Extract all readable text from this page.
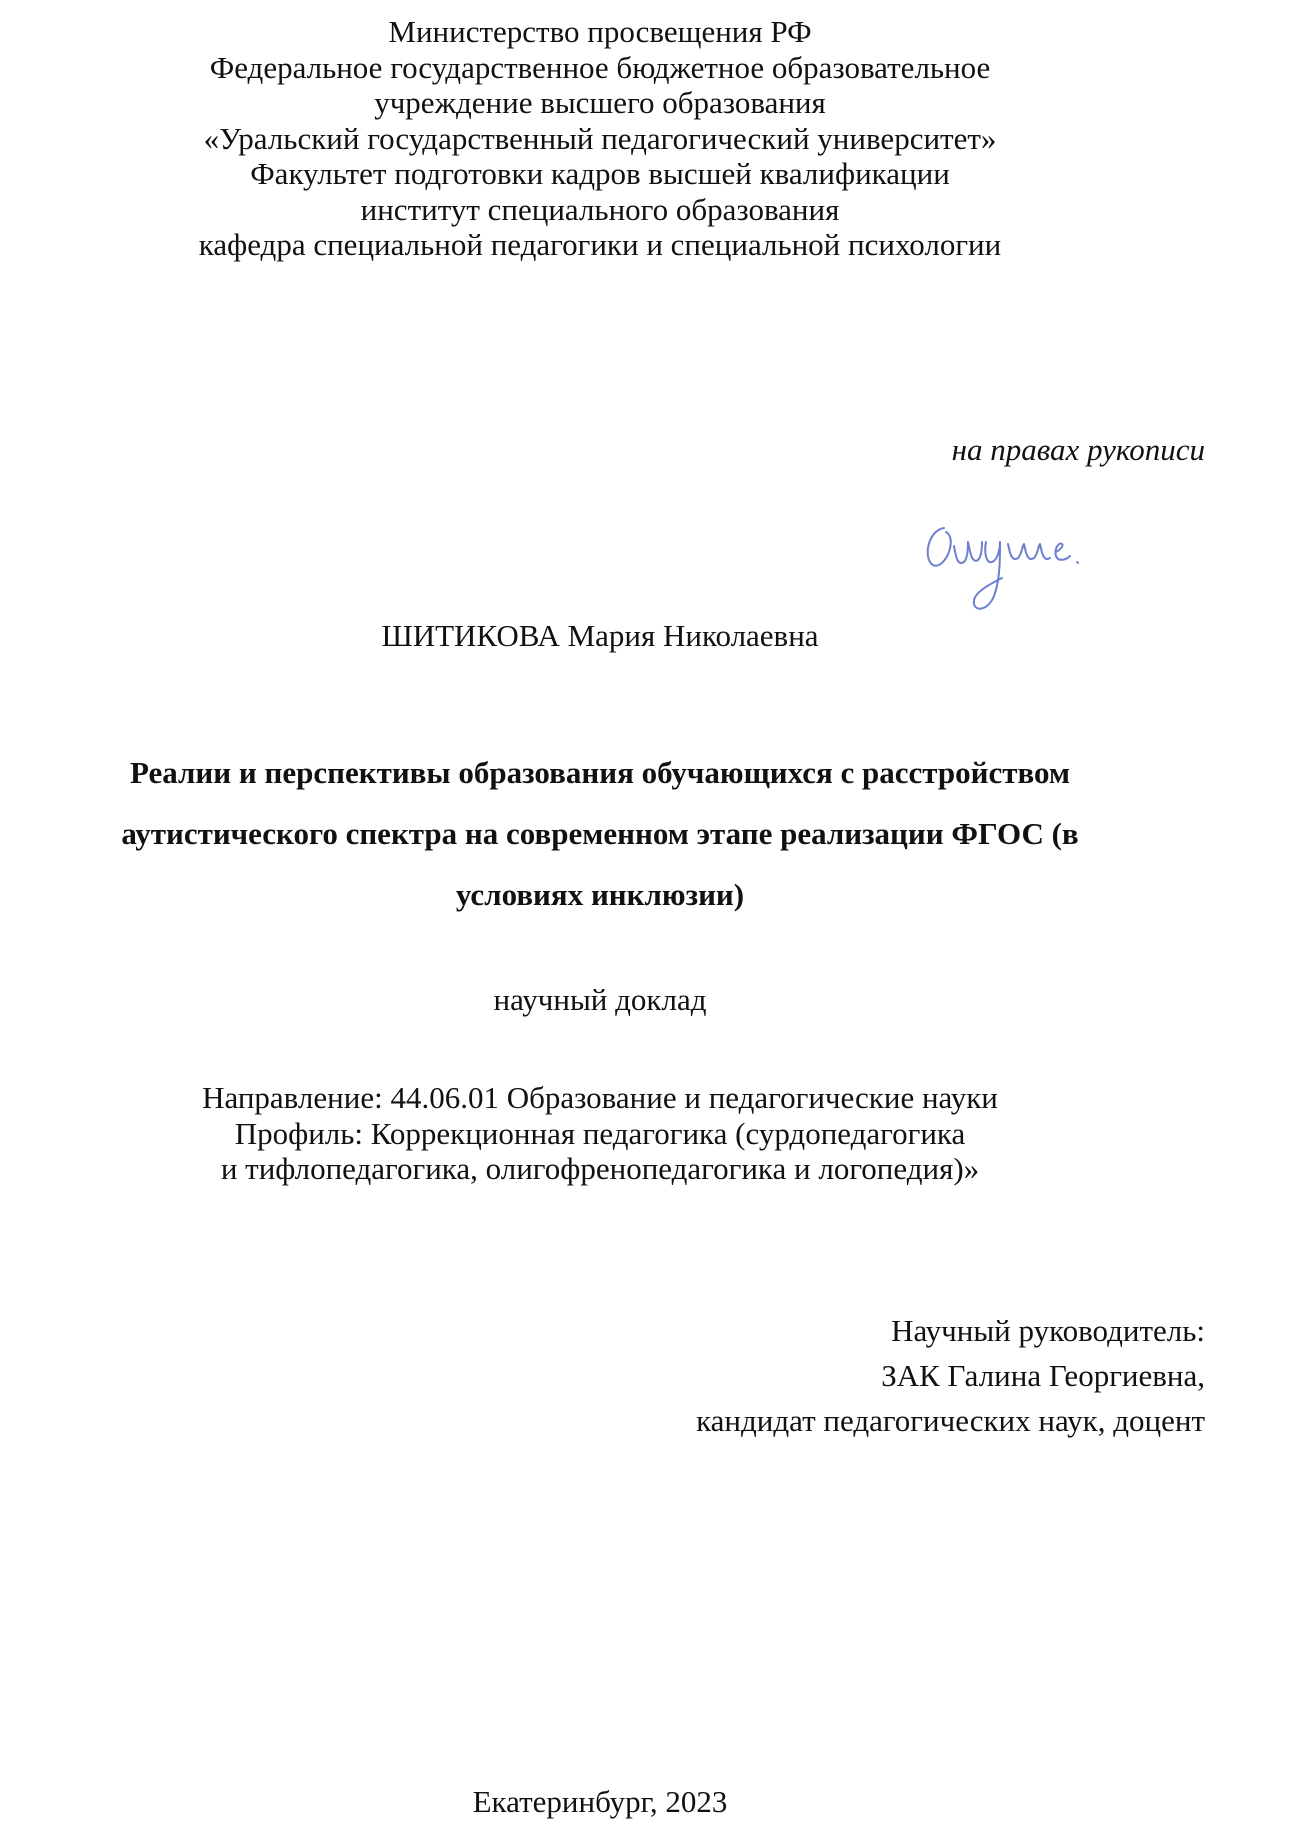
Министерство просвещения РФ
Федеральное государственное бюджетное образовательное
учреждение высшего образования
«Уральский государственный педагогический университет»
Факультет подготовки кадров высшей квалификации
институт специального образования
кафедра специальной педагогики и специальной психологии
на правах рукописи
ШИТИКОВА Мария Николаевна
Реалии и перспективы образования обучающихся с расстройством
аутистического спектра на современном этапе реализации ФГОС (в
условиях инклюзии)
научный доклад
Направление: 44.06.01 Образование и педагогические науки
Профиль: Коррекционная педагогика (сурдопедагогика
и тифлопедагогика, олигофренопедагогика и логопедия)»
Научный руководитель:
ЗАК Галина Георгиевна,
кандидат педагогических наук, доцент
Екатеринбург, 2023
